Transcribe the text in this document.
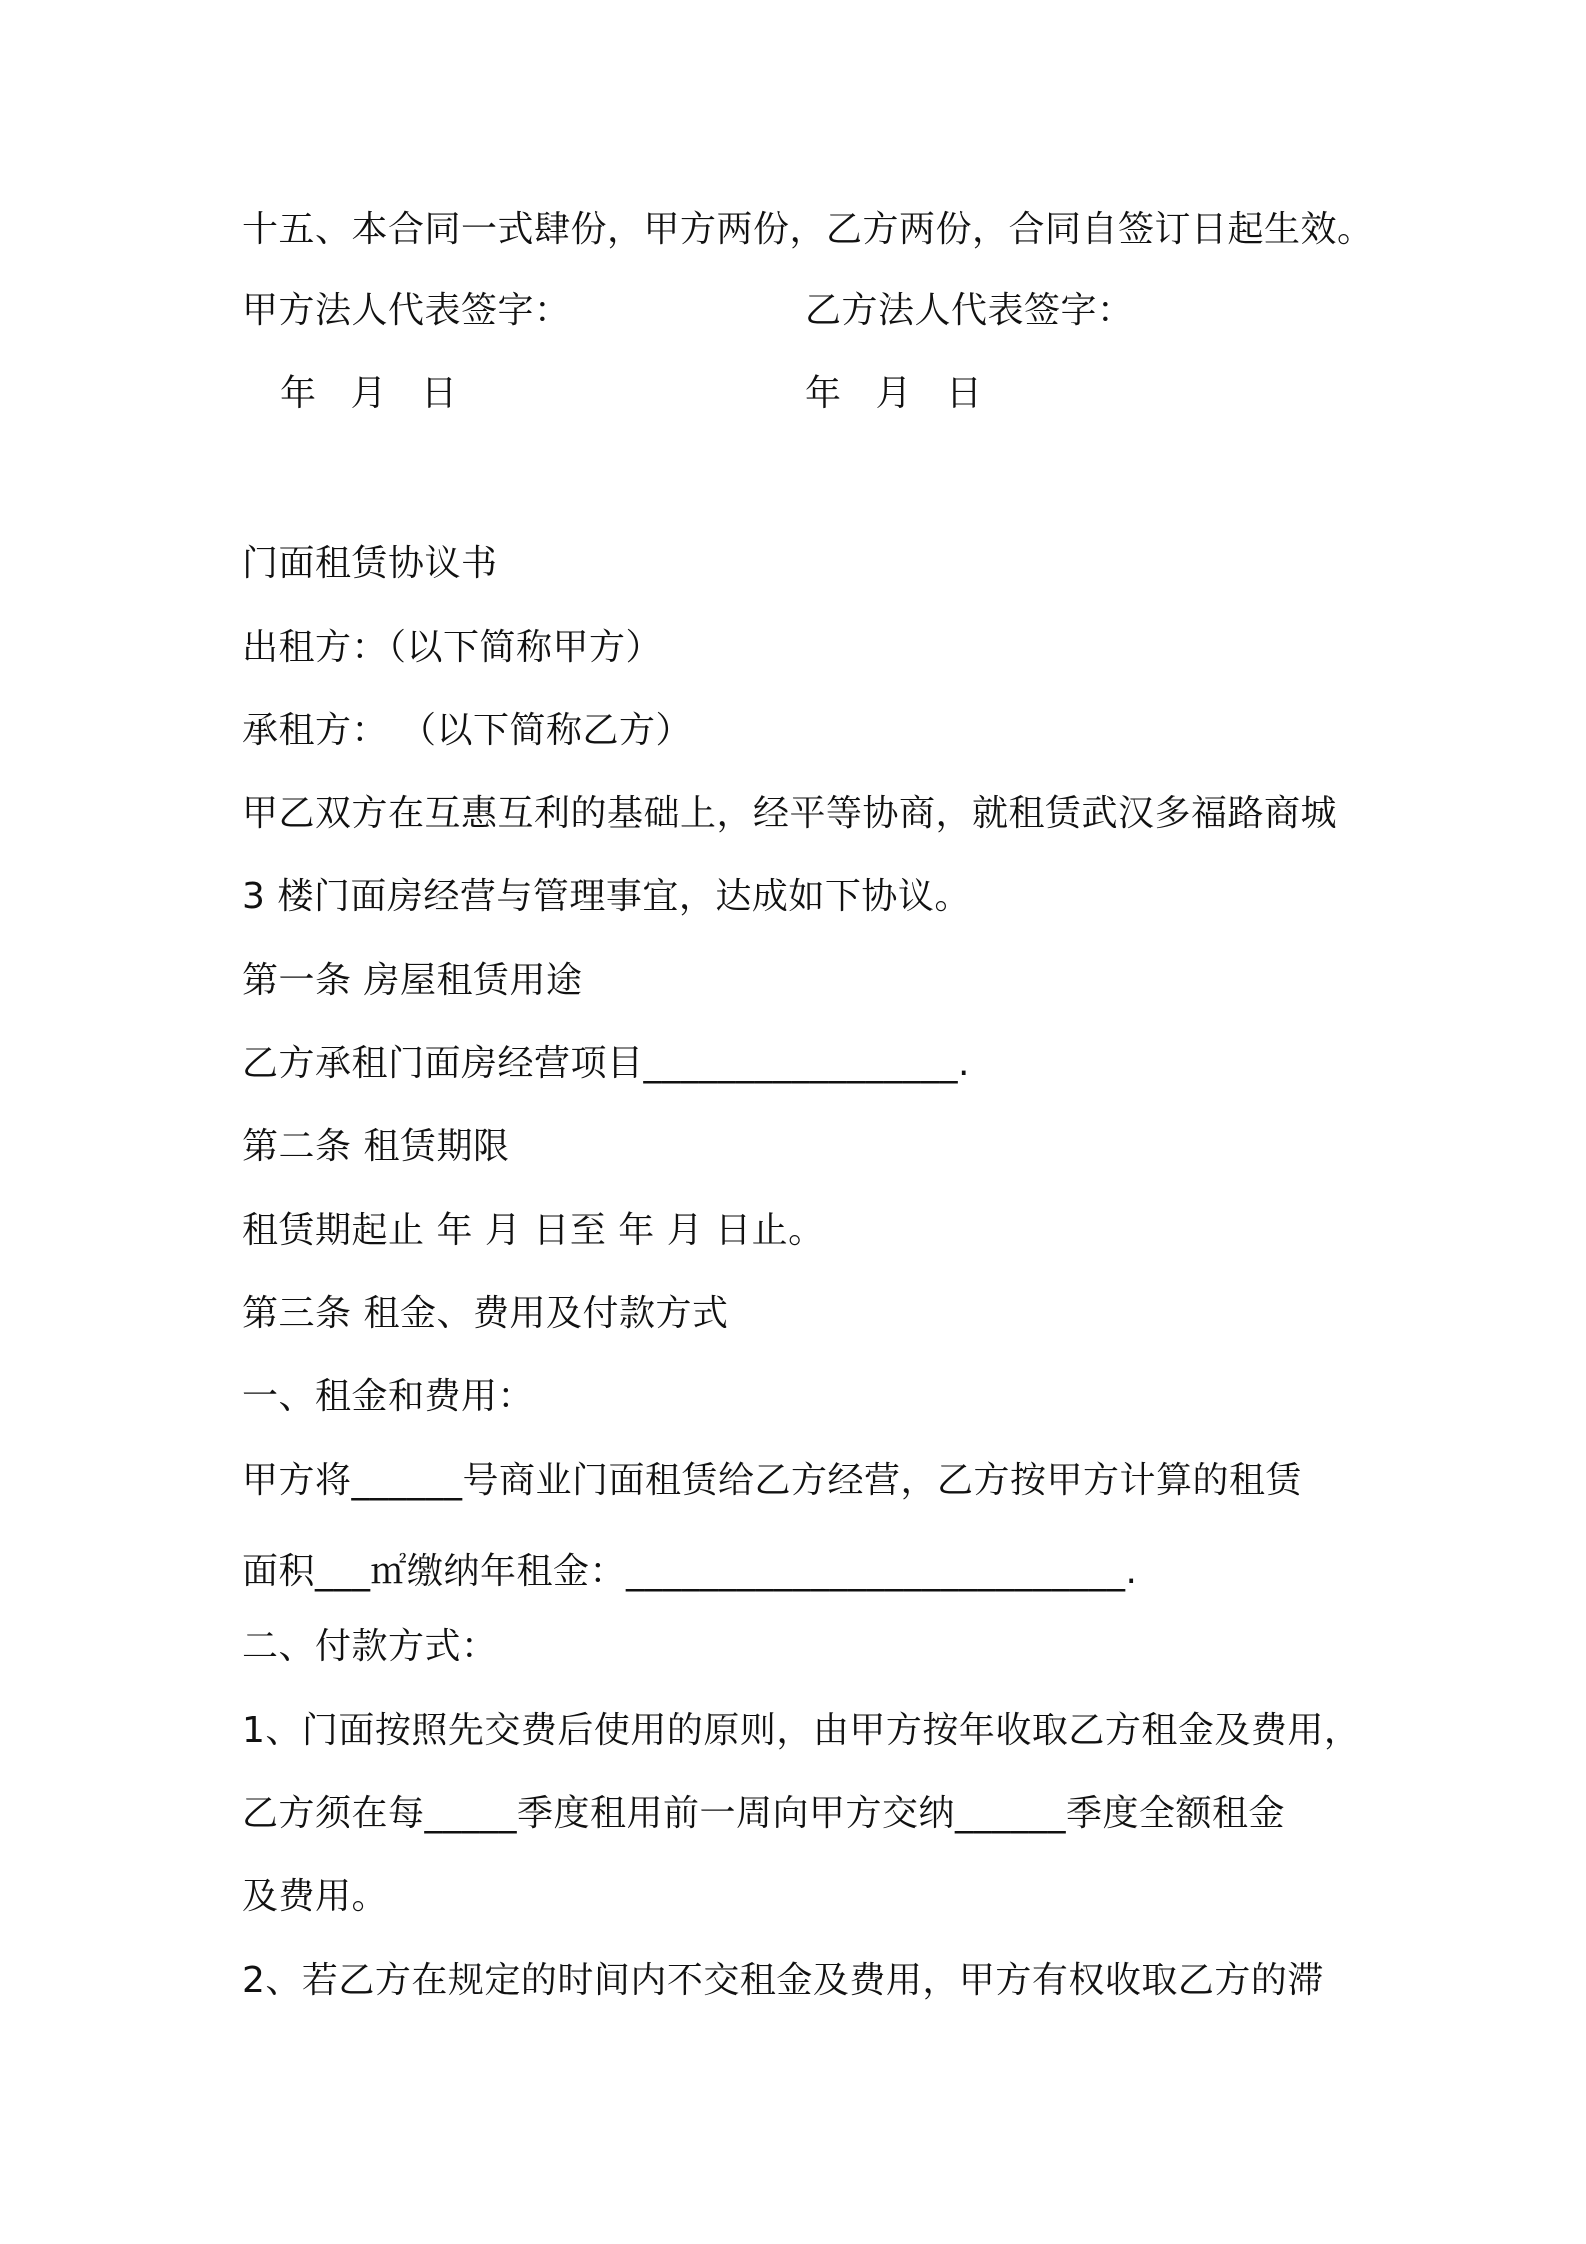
十五、本合同一式肆份，甲方两份，乙方两份，合同自签订日起生效。
甲方法人代表签字：	乙方法人代表签字：
年 月 日	年 月 日
门面租赁协议书
出租方：（以下简称甲方）
承租方： （以下简称乙方）
甲乙双方在互惠互利的基础上，经平等协商，就租赁武汉多福路商城
3 楼门面房经营与管理事宜，达成如下协议。
第一条 房屋租赁用途
乙方承租门面房经营项目_________________.
第二条 租赁期限
租赁期起止 年 月 日至 年 月 日止。
第三条 租金、费用及付款方式
一、租金和费用：
甲方将______号商业门面租赁给乙方经营，乙方按甲方计算的租赁
面积___㎡缴纳年租金：___________________________.
二、付款方式：
1、门面按照先交费后使用的原则，由甲方按年收取乙方租金及费用，
乙方须在每_____季度租用前一周向甲方交纳______季度全额租金
及费用。
2、若乙方在规定的时间内不交租金及费用，甲方有权收取乙方的滞
